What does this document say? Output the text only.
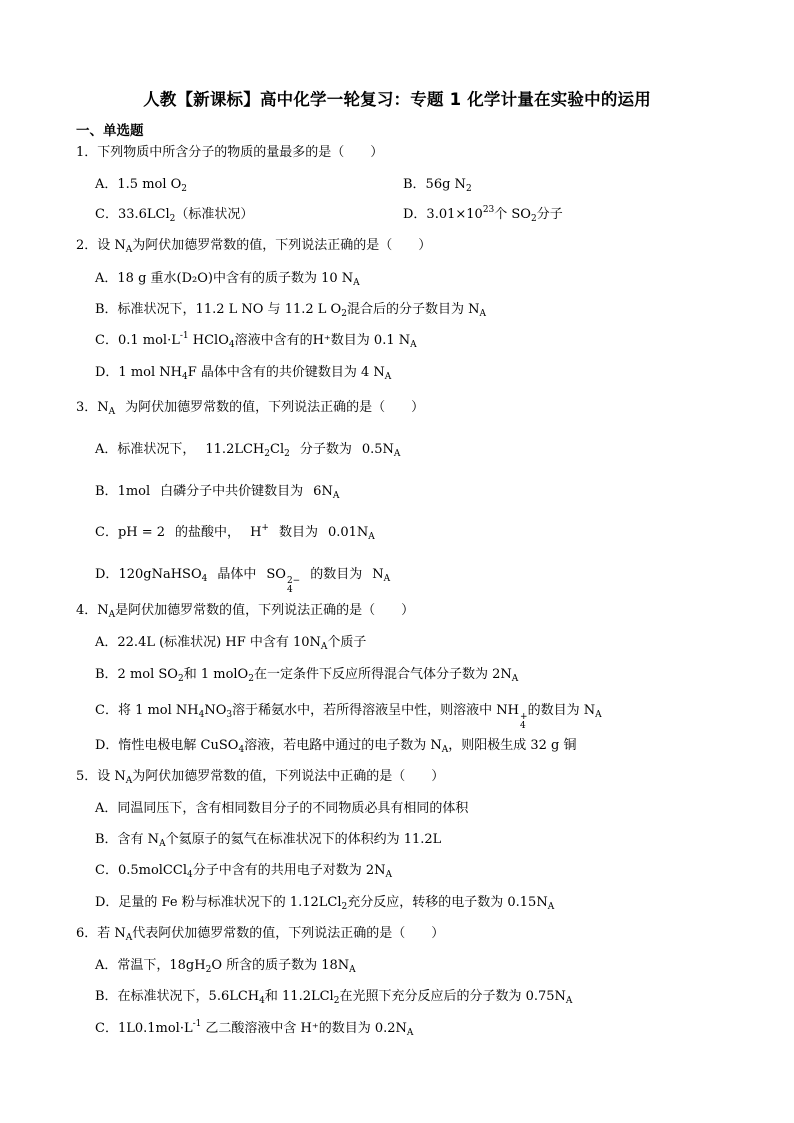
人教【新课标】高中化学一轮复习：专题 1 化学计量在实验中的运用
一、单选题
1．下列物质中所含分子的物质的量最多的是（　　）
A．1.5 mol $O_2$	B．56g $N_2$
C．33.6LCl$_2$（标准状况）	D．$3.01\times 10^{23}$个 $SO_2$分子
2．设 $N_A$为阿伏加德罗常数的值，下列说法正确的是（　　）
A．18 g 重水(D₂O)中含有的质子数为 10 $N_A$
B．标准状况下，11.2 L NO 与 11.2 L $O_2$混合后的分子数目为 $N_A$
C．0.1 $mol\cdot L^{-1}$ HClO$_4$溶液中含有的H⁺数目为 0.1 $N_A$
D．1 mol $NH_4F$ 晶体中含有的共价键数目为 4 $N_A$
3．$N_A$ 为阿伏加德罗常数的值，下列说法正确的是（　　）
A．标准状况下， $11.2LCH_2Cl_2$ 分子数为 $0.5N_A$
B．1mol 白磷分子中共价键数目为 $6N_A$
C．pH = 2 的盐酸中， H+ 数目为 $0.01N_A$
D．120gNaHSO$_4$ 晶体中 SO 2−
4
的数目为 $N_A$
4．$N_A$是阿伏加德罗常数的值，下列说法正确的是（　　）
A．22.4L (标准状况) HF 中含有 $10N_A$个质子
B．2 mol $SO_2$和 1 molO$_2$在一定条件下反应所得混合气体分子数为 $2N_A$
C．将 1 mol $NH_4NO_3$溶于稀氨水中，若所得溶液呈中性，则溶液中 NH +
4
的数目为 $N_A$
D．惰性电极电解 CuSO$_4$溶液，若电路中通过的电子数为 $N_A$，则阳极生成 32 g 铜
5．设 $N_A$为阿伏加德罗常数的值，下列说法中正确的是（　　）
A．同温同压下，含有相同数目分子的不同物质必具有相同的体积
B．含有 $N_A$个氦原子的氦气在标准状况下的体积约为 11.2L
C．0.5molCCl$_4$分子中含有的共用电子对数为 $2N_A$
D．足量的 Fe 粉与标准状况下的 1.12LCl$_2$充分反应，转移的电子数为 $0.15N_A$
6．若 $N_A$代表阿伏加德罗常数的值，下列说法正确的是（　　）
A．常温下，$18gH_2O$ 所含的质子数为 $18N_A$
B．在标准状况下，$5.6LCH_4$和 11.2LCl$_2$在光照下充分反应后的分子数为 $0.75N_A$
C．$1L0.1mol\cdot L^{-1}$ 乙二酸溶液中含 H⁺的数目为 $0.2N_A$
